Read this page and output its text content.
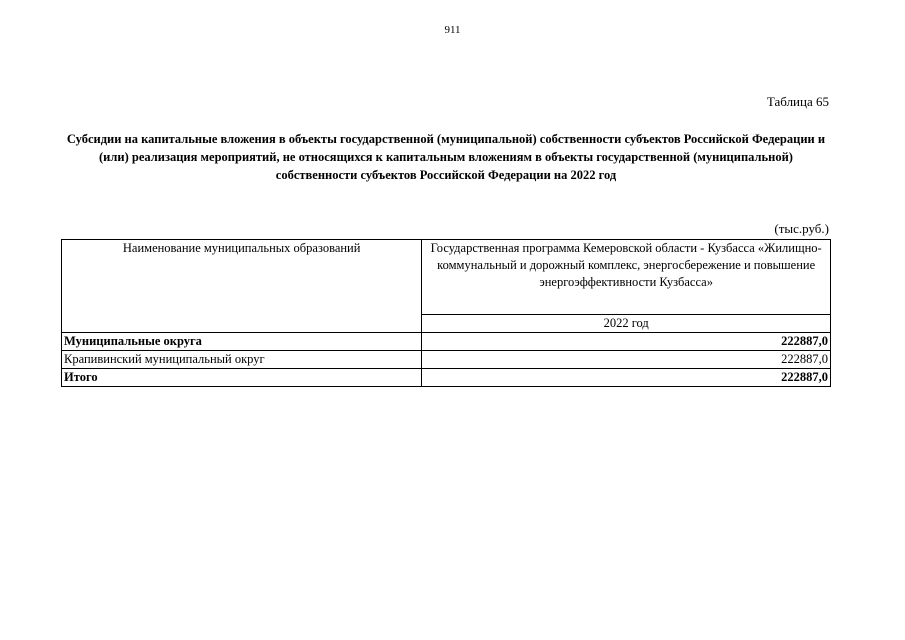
911
Таблица 65
Субсидии на капитальные вложения в объекты государственной (муниципальной) собственности субъектов Российской Федерации и (или) реализация мероприятий, не относящихся к капитальным вложениям в объекты государственной (муниципальной) собственности субъектов Российской Федерации на 2022 год
(тыс.руб.)
Наименование муниципальных образований	Государственная программа Кемеровской области - Кузбасса «Жилищно-коммунальный и дорожный комплекс, энергосбережение и повышение энергоэффективности Кузбасса»
	2022 год
Муниципальные округа	222887,0
Крапивинский муниципальный округ	222887,0
Итого	222887,0
